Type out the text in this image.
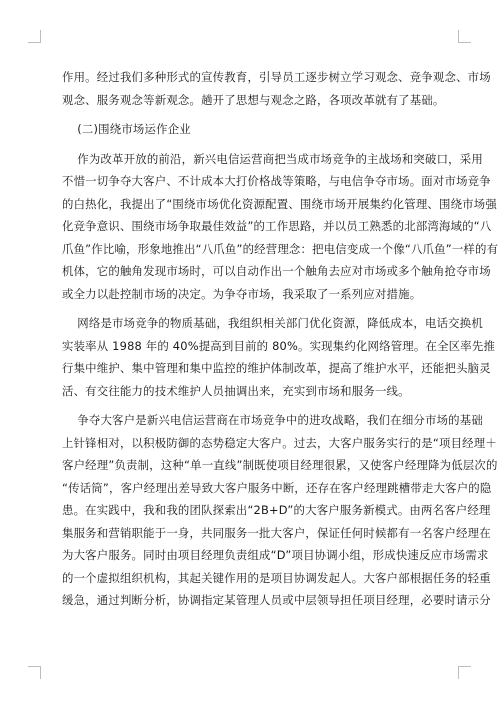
作用。经过我们多种形式的宣传教育，引导员工逐步树立学习观念、竞争观念、市场
观念、服务观念等新观念。趟开了思想与观念之路，各项改革就有了基础。
(二)围绕市场运作企业
作为改革开放的前沿，新兴电信运营商把当成市场竞争的主战场和突破口，采用
不惜一切争夺大客户、不计成本大打价格战等策略，与电信争夺市场。面对市场竞争
的白热化，我提出了“围绕市场优化资源配置、围绕市场开展集约化管理、围绕市场强
化竞争意识、围绕市场争取最佳效益”的工作思路，并以员工熟悉的北部湾海域的“八
爪鱼”作比喻，形象地推出“八爪鱼”的经营理念：把电信变成一个像“八爪鱼”一样的有
机体，它的触角发现市场时，可以自动作出一个触角去应对市场或多个触角抢夺市场
或全力以赴控制市场的决定。为争夺市场，我采取了一系列应对措施。
网络是市场竞争的物质基础，我组织相关部门优化资源，降低成本，电话交换机
实装率从 1988 年的 40%提高到目前的 80%。实现集约化网络管理。在全区率先推
行集中维护、集中管理和集中监控的维护体制改革，提高了维护水平，还能把头脑灵
活、有交往能力的技术维护人员抽调出来，充实到市场和服务一线。
争夺大客户是新兴电信运营商在市场竞争中的进攻战略，我们在细分市场的基础
上针锋相对，以积极防御的态势稳定大客户。过去，大客户服务实行的是“项目经理＋
客户经理”负责制，这种“单一直线”制既使项目经理很累，又使客户经理降为低层次的
“传话筒”，客户经理出差导致大客户服务中断，还存在客户经理跳槽带走大客户的隐
患。在实践中，我和我的团队探索出“2B+D”的大客户服务新模式。由两名客户经理
集服务和营销职能于一身，共同服务一批大客户，保证任何时候都有一名客户经理在
为大客户服务。同时由项目经理负责组成“D”项目协调小组，形成快速反应市场需求
的一个虚拟组织机构，其起关键作用的是项目协调发起人。大客户部根据任务的轻重
缓急，通过判断分析，协调指定某管理人员或中层领导担任项目经理，必要时请示分
